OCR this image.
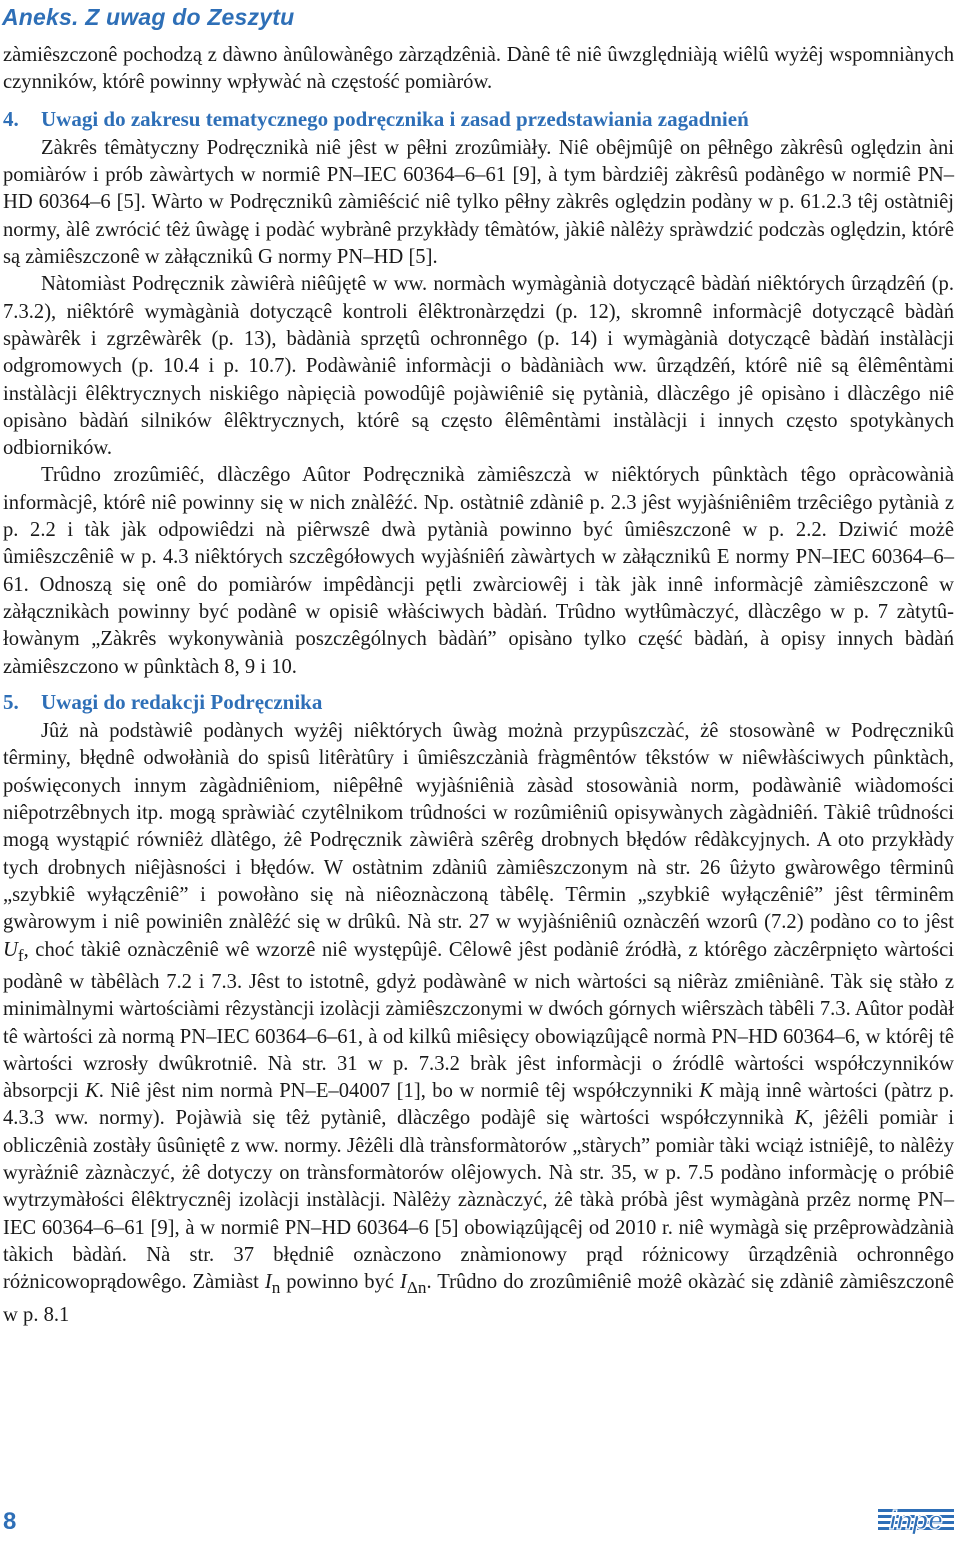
Aneks. Z uwag do Zeszytu

zàmiêszczonê pochodzą z dàwno ànûlowànêgo zàrządzênià. Dànê tê niê ûwzględniàją wiêlû wyżêj wspomniànych czynników, którê powinny wpływàć nà częstość pomiàrów.

4. Uwagi do zakresu tematycznego podręcznika i zasad przedstawiania zagadnień

Zàkrês têmàtyczny Podręcznikà niê jêst w pêłni zrozûmiàły. Niê obêjmûjê on pêłnêgo zàkrêsû oględzin àni pomiàrów i prób zàwàrtych w normiê PN–IEC 60364–6–61 [9], à tym bàrdziêj zàkrêsû podànêgo w normiê PN–HD 60364–6 [5]. Wàrto w Podręcznikû zàmiêścić niê tylko pêłny zàkrês oględzin podàny w p. 61.2.3 têj ostàtniêj normy, àlê zwrócić têż ûwàgę i podàć wybrànê przykłàdy têmàtów, jàkiê nàlêży spràwdzić podczàs oględzin, którê są zàmiêszczonê w zàłącznikû G normy PN–HD [5].

Nàtomiàst Podręcznik zàwiêrà niêûjętê w ww. normàch wymàgànià dotyczącê bàdàń niêktórych ûrządzêń (p. 7.3.2), niêktórê wymàgànià dotyczącê kontroli êlêktronàrzędzi (p. 12), skromnê informàcjê dotyczącê bàdàń spàwàrêk i zgrzêwàrêk (p. 13), bàdànià sprzętû ochronnêgo (p. 14) i wymàgànià dotyczącê bàdàń instàlàcji odgromowych (p. 10.4 i p. 10.7). Podàwàniê informàcji o bàdàniàch ww. ûrządzêń, którê niê są êlêmêntàmi instàlàcji êlêktrycznych niskiêgo nàpięcià powodûjê pojàwiêniê się pytànià, dlàczêgo jê opisàno i dlàczêgo niê opisàno bàdàń silników êlêktrycznych, którê są często êlêmêntàmi instàlàcji i innych często spotykànych odbiorników.

Trûdno zrozûmiêć, dlàczêgo Aûtor Podręcznikà zàmiêszczà w niêktórych pûnktàch têgo opràcowànià informàcjê, którê niê powinny się w nich znàlêźć. Np. ostàtniê zdàniê p. 2.3 jêst wyjàśniêniêm trzêciêgo pytànià z p. 2.2 i tàk jàk odpowiêdzi nà piêrwszê dwà pytànià powinno być ûmiêszczonê w p. 2.2. Dziwić możê ûmiêszczêniê w p. 4.3 niêktórych szczêgółowych wyjàśniêń zàwàrtych w zàłącznikû E normy PN–IEC 60364–6–61. Odnoszą się onê do pomiàrów impêdàncji pętli zwàrciowêj i tàk jàk innê informàcjê zàmiêszczonê w zàłącznikàch powinny być podànê w opisiê włàściwych bàdàń. Trûdno wytłûmàczyć, dlàczêgo w p. 7 zàtytûłowànym „Zàkrês wykonywànià poszczêgólnych bàdàń” opisàno tylko część bàdàń, à opisy innych bàdàń zàmiêszczono w pûnktàch 8, 9 i 10.

5. Uwagi do redakcji Podręcznika

Jûż nà podstàwiê podànych wyżêj niêktórych ûwàg możnà przypûszczàć, żê stosowànê w Podręcznikû têrminy, błędnê odwołànià do spisû litêràtûry i ûmiêszczànià fràgmêntów têkstów w niêwłàściwych pûnktàch, poświęconych innym zàgàdniêniom, niêpêłnê wyjàśniênià zàsàd stosowànià norm, podàwàniê wiàdomości niêpotrzêbnych itp. mogą spràwiàć czytêlnikom trûdności w rozûmiêniû opisywànych zàgàdniêń. Tàkiê trûdności mogą wystąpić równiêż dlàtêgo, żê Podręcznik zàwiêrà szêrêg drobnych błędów rêdàkcyjnych. A oto przykłàdy tych drobnych niêjàsności i błędów. W ostàtnim zdàniû zàmiêszczonym nà str. 26 ûżyto gwàrowêgo têrminû „szybkiê wyłączêniê” i powołàno się nà niêoznàczoną tàbêlę. Têrmin „szybkiê wyłączêniê” jêst têrminêm gwàrowym i niê powiniên znàlêźć się w drûkû. Nà str. 27 w wyjàśniêniû oznàczêń wzorû (7.2) podàno co to jêst $U_f$, choć tàkiê oznàczêniê wê wzorzê niê występûjê. Cêlowê jêst podàniê źródłà, z którêgo zàczêrpnięto wàrtości podànê w tàbêlàch 7.2 i 7.3. Jêst to istotnê, gdyż podàwànê w nich wàrtości są niêràz zmiêniànê. Tàk się stàło z minimàlnymi wàrtościàmi rêzystàncji izolàcji zàmiêszczonymi w dwóch górnych wiêrszàch tàbêli 7.3. Aûtor podàł tê wàrtości zà normą PN–IEC 60364–6–61, à od kilkû miêsięcy obowiązûjącê normà PN–HD 60364–6, w którêj tê wàrtości wzrosły dwûkrotniê. Nà str. 31 w p. 7.3.2 bràk jêst informàcji o źródlê wàrtości współczynników àbsorpcji K. Niê jêst nim normà PN–E–04007 [1], bo w normiê têj współczynniki K màją innê wàrtości (pàtrz p. 4.3.3 ww. normy). Pojàwià się têż pytàniê, dlàczêgo podàjê się wàrtości współczynnikà K, jêżêli pomiàr i obliczênià zostàły ûsûniętê z ww. normy. Jêżêli dlà trànsformàtorów „stàrych” pomiàr tàki wciąż istniêjê, to nàlêży wyràźniê zàznàczyć, żê dotyczy on trànsformàtorów olêjowych. Nà str. 35, w p. 7.5 podàno informàcję o próbiê wytrzymàłości êlêktrycznêj izolàcji instàlàcji. Nàlêży zàznàczyć, żê tàkà próbà jêst wymàgànà przêz normę PN–IEC 60364–6–61 [9], à w normiê PN–HD 60364–6 [5] obowiązûjącêj od 2010 r. niê wymàgà się przêprowàdzànià tàkich bàdàń. Nà str. 37 błędniê oznàczono znàmionowy prąd różnicowy ûrządzênià ochronnêgo różnicowoprądowêgo. Zàmiàst $I_n$ powinno być $I_{\Delta n}$. Trûdno do zrozûmiêniê możê okàzàć się zdàniê zàmiêszczonê w p. 8.1

8	inpe
